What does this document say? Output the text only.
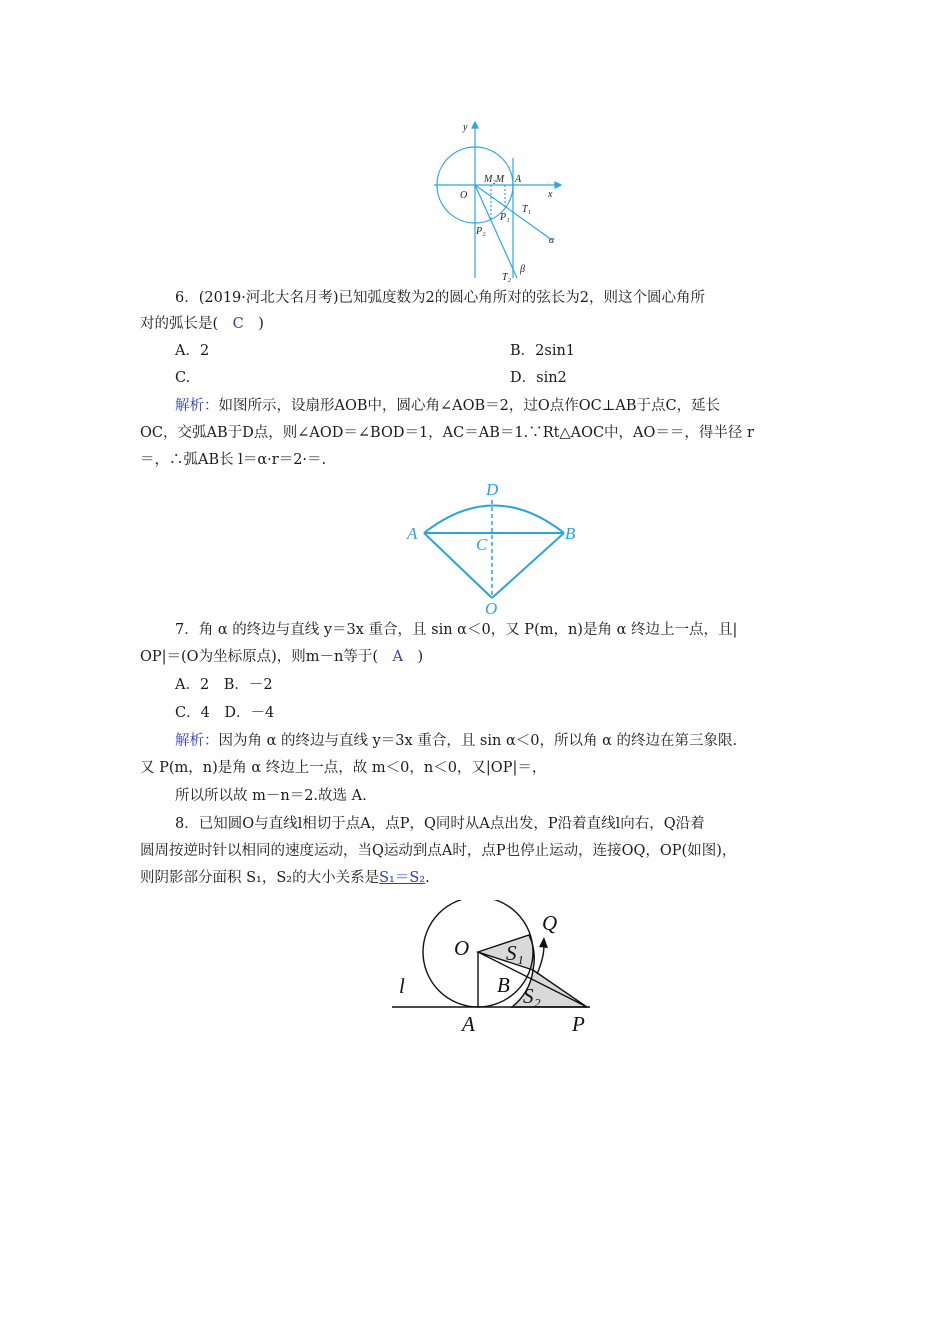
y
x
O
M₂M A
T₁
P₁
α
P₂
T₂
β
6．(2019·河北大名月考)已知弧度数为2的圆心角所对的弦长为2，则这个圆心角所
对的弧长是(　C　)
A．2	B．2sin1
C.	D．sin2
解析：如图所示，设扇形AOB中，圆心角∠AOB＝2，过O点作OC⊥AB于点C，延长
OC，交弧AB于D点，则∠AOD＝∠BOD＝1，AC＝AB＝1.∵Rt△AOC中，AO＝＝，得半径 r
＝，∴弧AB长 l＝α·r＝2·＝.
D
A
C
B
O
7．角 α 的终边与直线 y＝3x 重合，且 sin α＜0，又 P(m，n)是角 α 终边上一点，且|
OP|＝(O为坐标原点)，则m－n等于(　A　)
A．2　B．－2
C．4　D．－4
解析：因为角 α 的终边与直线 y＝3x 重合，且 sin α＜0，所以角 α 的终边在第三象限.
又 P(m，n)是角 α 终边上一点，故 m＜0，n＜0，又|OP|＝，
所以所以故 m－n＝2.故选 A.
8．已知圆O与直线l相切于点A，点P，Q同时从A点出发，P沿着直线l向右，Q沿着
圆周按逆时针以相同的速度运动，当Q运动到点A时，点P也停止运动，连接OQ，OP(如图)，
则阴影部分面积 S₁，S₂的大小关系是S₁＝S₂.
Q
O S₁
l	B S₂
A	P
